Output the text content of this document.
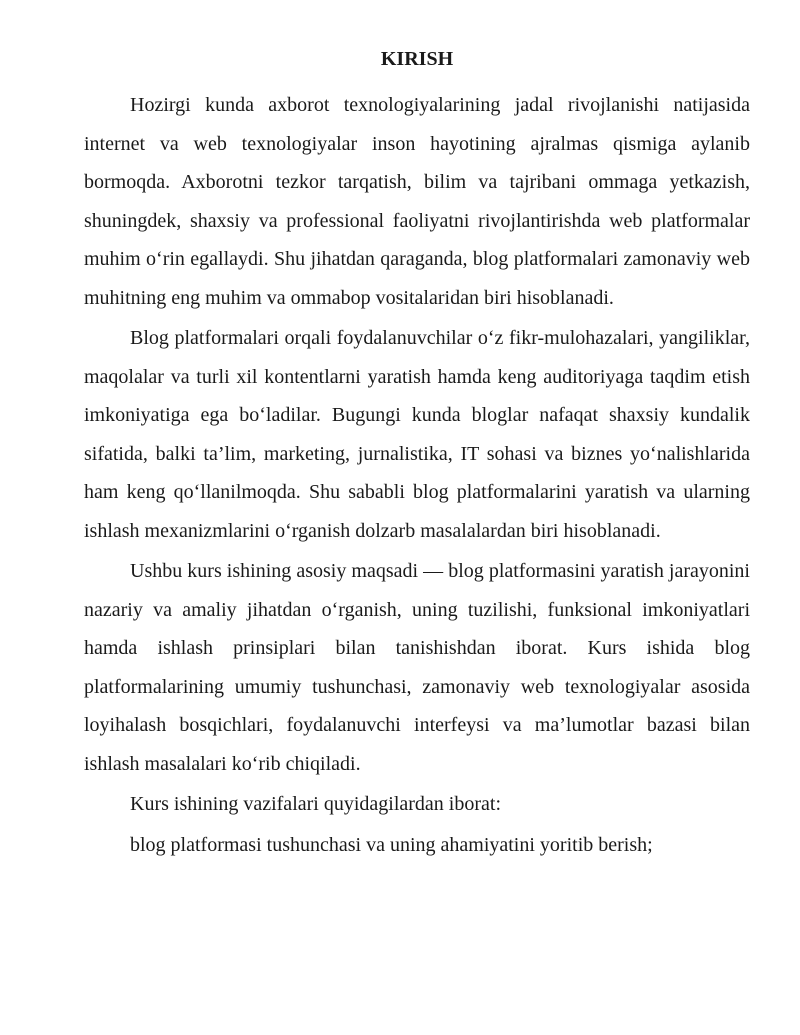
KIRISH

Hozirgi kunda axborot texnologiyalarining jadal rivojlanishi natijasida internet va web texnologiyalar inson hayotining ajralmas qismiga aylanib bormoqda. Axborotni tezkor tarqatish, bilim va tajribani ommaga yetkazish, shuningdek, shaxsiy va professional faoliyatni rivojlantirishda web platformalar muhim o‘rin egallaydi. Shu jihatdan qaraganda, blog platformalari zamonaviy web muhitning eng muhim va ommabop vositalaridan biri hisoblanadi.

Blog platformalari orqali foydalanuvchilar o‘z fikr-mulohazalari, yangiliklar, maqolalar va turli xil kontentlarni yaratish hamda keng auditoriyaga taqdim etish imkoniyatiga ega bo‘ladilar. Bugungi kunda bloglar nafaqat shaxsiy kundalik sifatida, balki ta’lim, marketing, jurnalistika, IT sohasi va biznes yo‘nalishlarida ham keng qo‘llanilmoqda. Shu sababli blog platformalarini yaratish va ularning ishlash mexanizmlarini o‘rganish dolzarb masalalardan biri hisoblanadi.

Ushbu kurs ishining asosiy maqsadi — blog platformasini yaratish jarayonini nazariy va amaliy jihatdan o‘rganish, uning tuzilishi, funksional imkoniyatlari hamda ishlash prinsiplari bilan tanishishdan iborat. Kurs ishida blog platformalarining umumiy tushunchasi, zamonaviy web texnologiyalar asosida loyihalash bosqichlari, foydalanuvchi interfeysi va ma’lumotlar bazasi bilan ishlash masalalari ko‘rib chiqiladi.

Kurs ishining vazifalari quyidagilardan iborat:

blog platformasi tushunchasi va uning ahamiyatini yoritib berish;
